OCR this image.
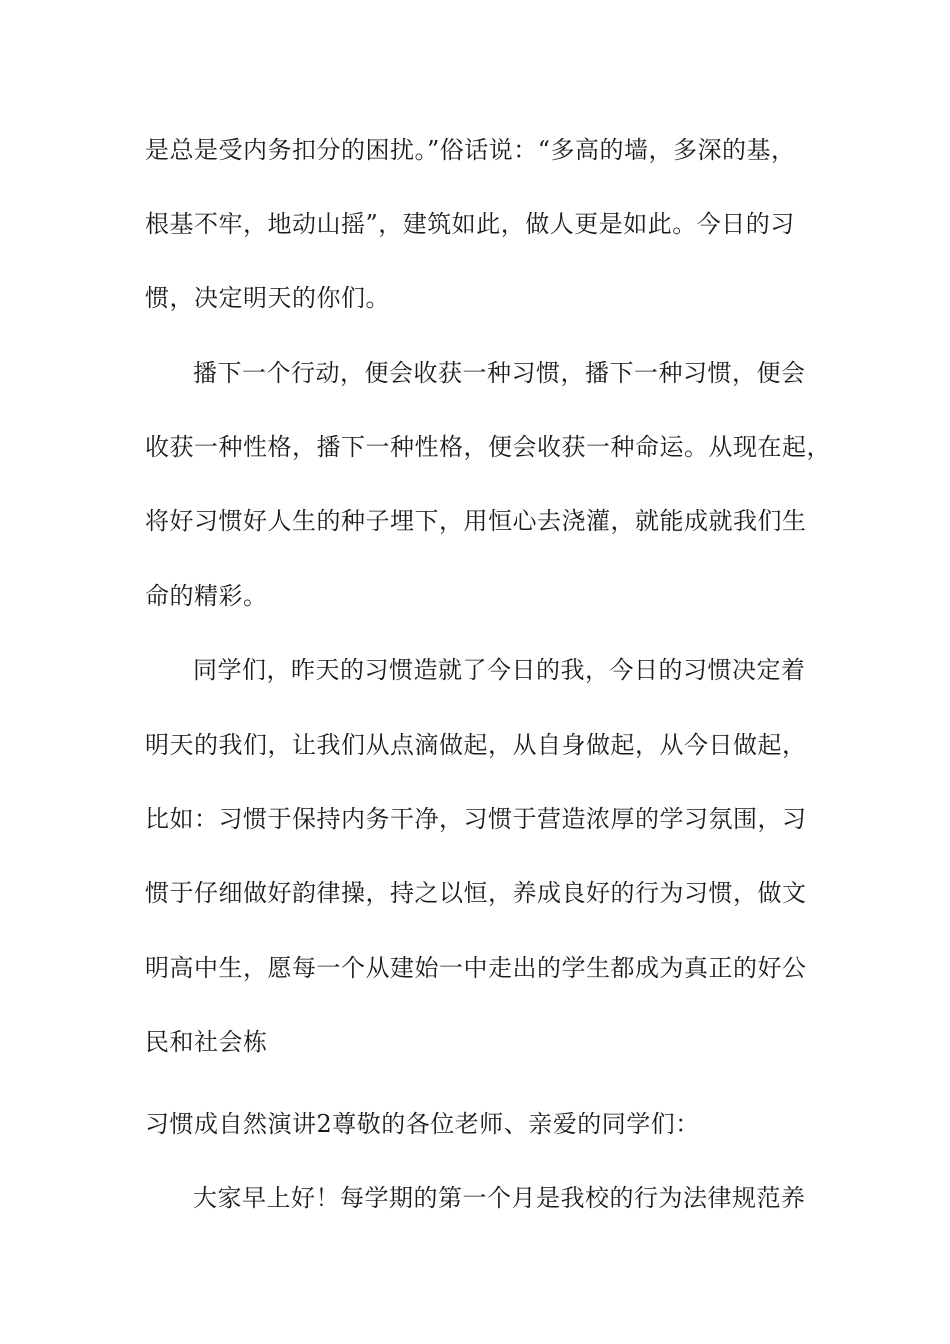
是总是受内务扣分的困扰。”俗话说：“多高的墙，多深的基，
根基不牢，地动山摇”，建筑如此，做人更是如此。今日的习
惯，决定明天的你们。
播下一个行动，便会收获一种习惯，播下一种习惯，便会
收获一种性格，播下一种性格，便会收获一种命运。从现在起，
将好习惯好人生的种子埋下，用恒心去浇灌，就能成就我们生
命的精彩。
同学们，昨天的习惯造就了今日的我，今日的习惯决定着
明天的我们，让我们从点滴做起，从自身做起，从今日做起，
比如：习惯于保持内务干净，习惯于营造浓厚的学习氛围，习
惯于仔细做好韵律操，持之以恒，养成良好的行为习惯，做文
明高中生，愿每一个从建始一中走出的学生都成为真正的好公
民和社会栋
习惯成自然演讲2尊敬的各位老师、亲爱的同学们：
大家早上好！每学期的第一个月是我校的行为法律规范养
